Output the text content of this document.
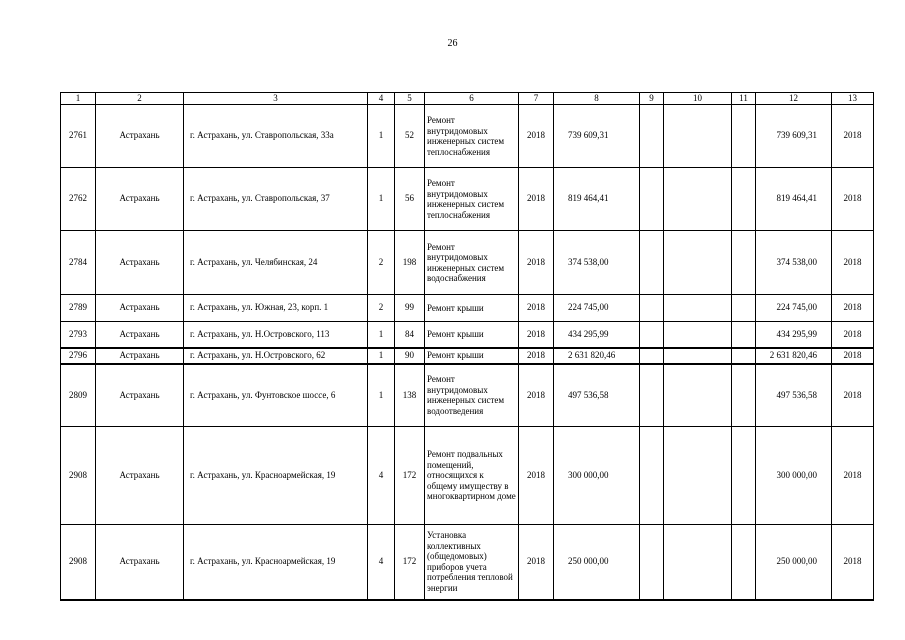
26
1	2	3	4	5	6	7	8	9	10	11	12	13
2761	Астрахань	г. Астрахань, ул. Ставропольская, 33а	1	52	Ремонт внутридомовых инженерных систем теплоснабжения	2018	739 609,31				739 609,31	2018
2762	Астрахань	г. Астрахань, ул. Ставропольская, 37	1	56	Ремонт внутридомовых инженерных систем теплоснабжения	2018	819 464,41				819 464,41	2018
2784	Астрахань	г. Астрахань, ул. Челябинская, 24	2	198	Ремонт внутридомовых инженерных систем водоснабжения	2018	374 538,00				374 538,00	2018
2789	Астрахань	г. Астрахань, ул. Южная, 23, корп. 1	2	99	Ремонт крыши	2018	224 745,00				224 745,00	2018
2793	Астрахань	г. Астрахань, ул. Н.Островского, 113	1	84	Ремонт крыши	2018	434 295,99				434 295,99	2018
2796	Астрахань	г. Астрахань, ул. Н.Островского, 62	1	90	Ремонт крыши	2018	2 631 820,46				2 631 820,46	2018
2809	Астрахань	г. Астрахань, ул. Фунтовское шоссе, 6	1	138	Ремонт внутридомовых инженерных систем водоотведения	2018	497 536,58				497 536,58	2018
2908	Астрахань	г. Астрахань, ул. Красноармейская, 19	4	172	Ремонт подвальных помещений, относящихся к общему имуществу в многоквартирном доме	2018	300 000,00				300 000,00	2018
2908	Астрахань	г. Астрахань, ул. Красноармейская, 19	4	172	Установка коллективных (общедомовых) приборов учета потребления тепловой энергии	2018	250 000,00				250 000,00	2018
